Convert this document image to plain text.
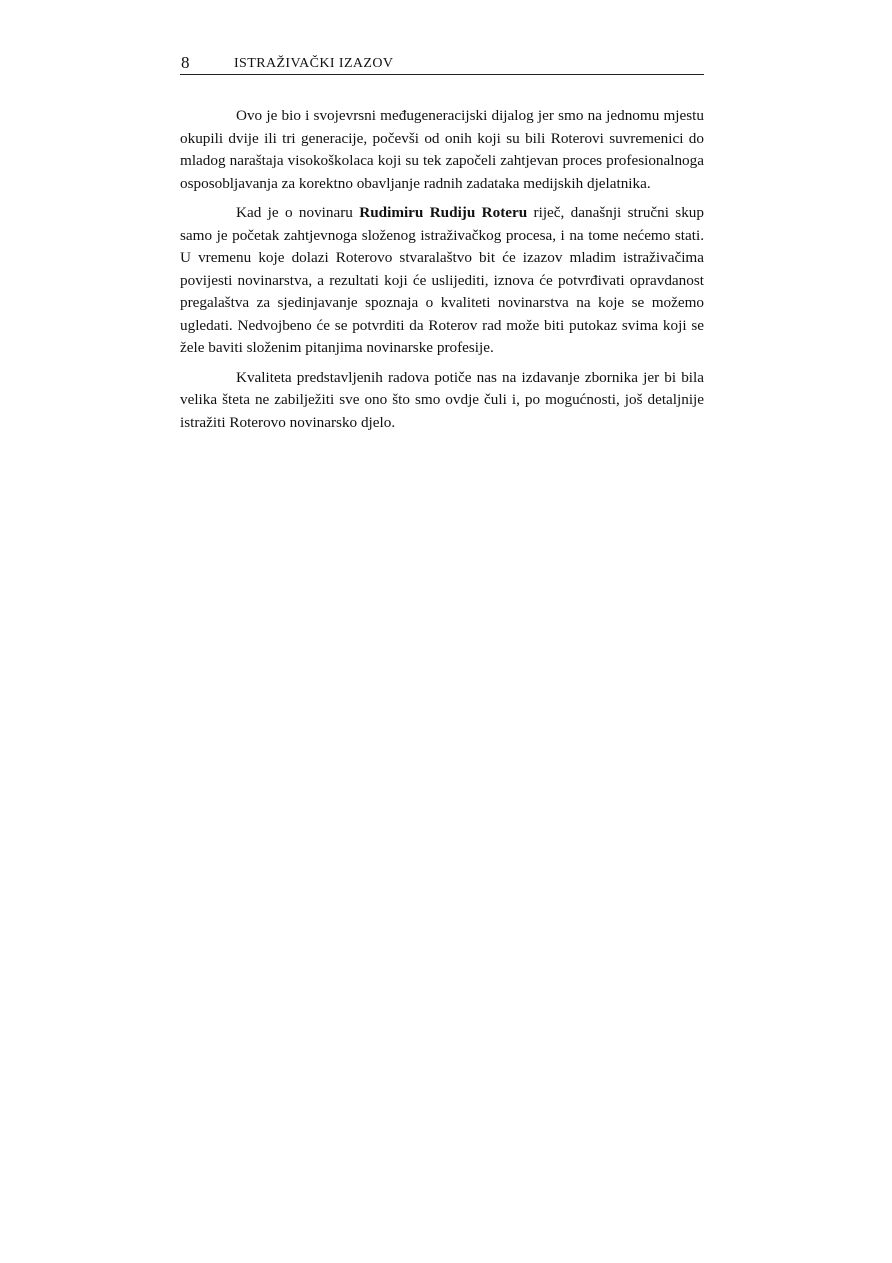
8	ISTRAŽIVAČKI IZAZOV

Ovo je bio i svojevrsni međugeneracijski dijalog jer smo na jednomu mjestu okupili dvije ili tri generacije, počevši od onih koji su bili Roterovi suvremenici do mladog naraštaja visokoškolaca koji su tek započeli zahtjevan proces profesionalnoga osposobljavanja za korektno obavljanje radnih zadataka medijskih djelatnika.

Kad je o novinaru Rudimiru Rudiju Roteru riječ, današnji stručni skup samo je početak zahtjevnoga složenog istraživačkog procesa, i na tome nećemo stati. U vremenu koje dolazi Roterovo stvaralaštvo bit će izazov mladim istraživačima povijesti novinarstva, a rezultati koji će uslijediti, iznova će potvrđivati opravdanost pregalaštva za sjedinjavanje spoznaja o kvaliteti novinarstva na koje se možemo ugledati. Nedvojbeno će se potvrditi da Roterov rad može biti putokaz svima koji se žele baviti složenim pitanjima novinarske profesije.

Kvaliteta predstavljenih radova potiče nas na izdavanje zbornika jer bi bila velika šteta ne zabilježiti sve ono što smo ovdje čuli i, po mogućnosti, još detaljnije istražiti Roterovo novinarsko djelo.
